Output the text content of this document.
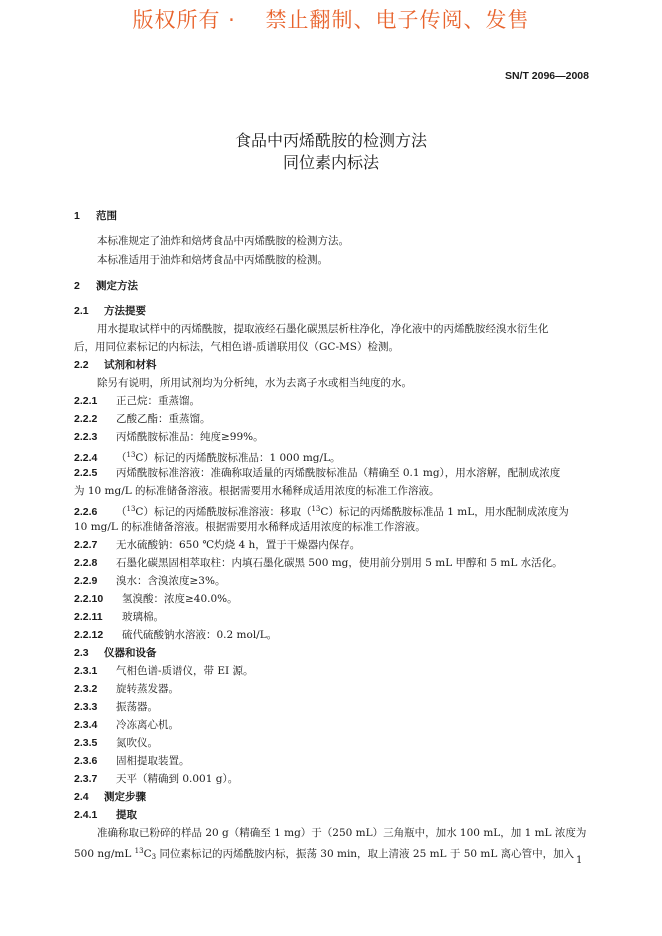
版权所有 ·　 禁止翻制、电子传阅、发售
SN/T 2096—2008
食品中丙烯酰胺的检测方法
同位素内标法
1 范围
本标准规定了油炸和焙烤食品中丙烯酰胺的检测方法。
本标准适用于油炸和焙烤食品中丙烯酰胺的检测。
2 测定方法
2.1 方法提要
用水提取试样中的丙烯酰胺，提取液经石墨化碳黑层析柱净化，净化液中的丙烯酰胺经溴水衍生化
后，用同位素标记的内标法，气相色谱-质谱联用仪（GC-MS）检测。
2.2 试剂和材料
除另有说明，所用试剂均为分析纯，水为去离子水或相当纯度的水。
2.2.1 正己烷：重蒸馏。
2.2.2 乙酸乙酯：重蒸馏。
2.2.3 丙烯酰胺标准品：纯度≥99%。
2.2.4 （$^{13}$C）标记的丙烯酰胺标准品：1 000 mg/L。
2.2.5 丙烯酰胺标准溶液：准确称取适量的丙烯酰胺标准品（精确至 0.1 mg），用水溶解，配制成浓度
为 10 mg/L 的标准储备溶液。根据需要用水稀释成适用浓度的标准工作溶液。
2.2.6 （$^{13}$C）标记的丙烯酰胺标准溶液：移取（$^{13}$C）标记的丙烯酰胺标准品 1 mL，用水配制成浓度为
10 mg/L 的标准储备溶液。根据需要用水稀释成适用浓度的标准工作溶液。
2.2.7 无水硫酸钠：650 ℃灼烧 4 h，置于干燥器内保存。
2.2.8 石墨化碳黑固相萃取柱：内填石墨化碳黑 500 mg，使用前分别用 5 mL 甲醇和 5 mL 水活化。
2.2.9 溴水：含溴浓度≥3%。
2.2.10 氢溴酸：浓度≥40.0%。
2.2.11 玻璃棉。
2.2.12 硫代硫酸钠水溶液：0.2 mol/L。
2.3 仪器和设备
2.3.1 气相色谱-质谱仪，带 EI 源。
2.3.2 旋转蒸发器。
2.3.3 振荡器。
2.3.4 冷冻离心机。
2.3.5 氮吹仪。
2.3.6 固相提取装置。
2.3.7 天平（精确到 0.001 g）。
2.4 测定步骤
2.4.1 提取
准确称取已粉碎的样品 20 g（精确至 1 mg）于（250 mL）三角瓶中，加水 100 mL，加 1 mL 浓度为
500 ng/mL $^{13}$C3 同位素标记的丙烯酰胺内标，振荡 30 min，取上清液 25 mL 于 50 mL 离心管中，加入
1
